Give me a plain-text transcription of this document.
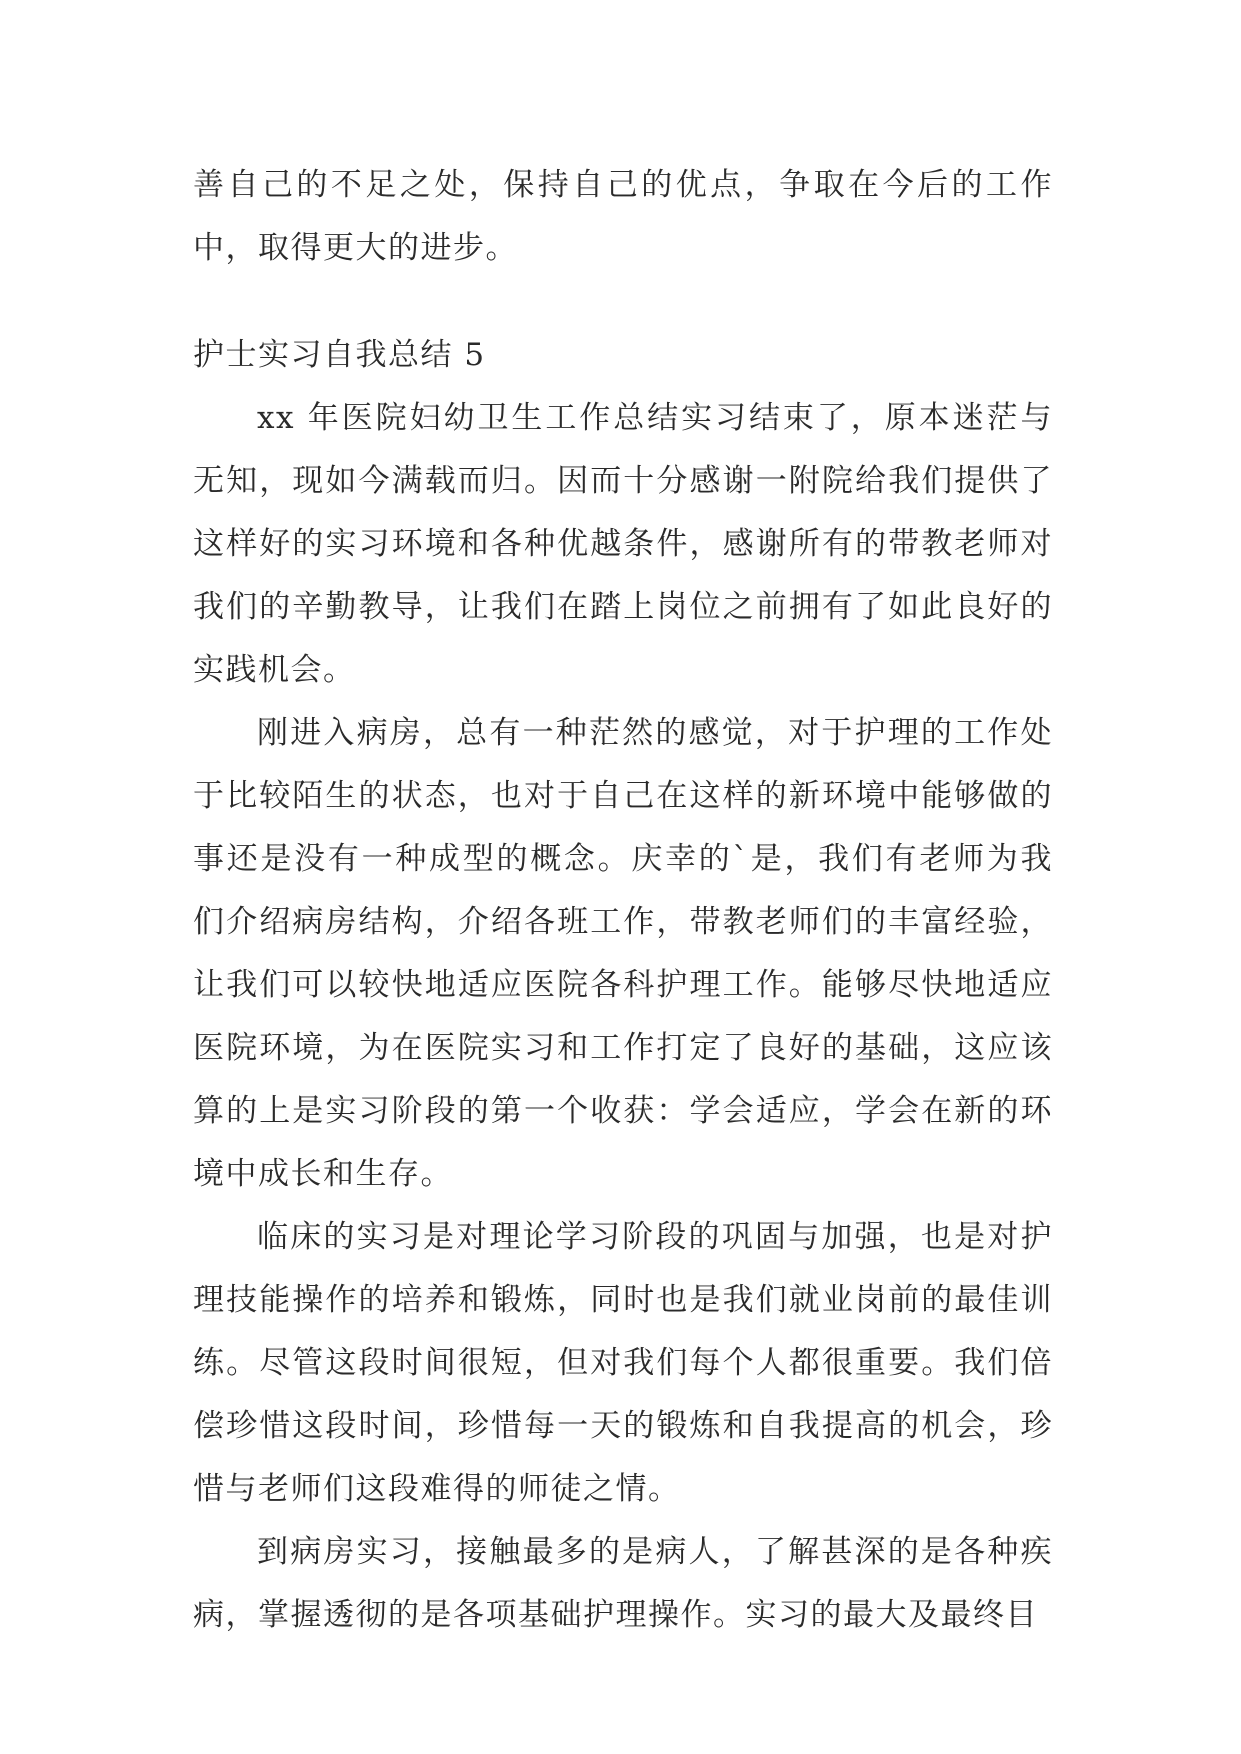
善自己的不足之处，保持自己的优点，争取在今后的工作中，取得更大的进步。

护士实习自我总结 5

xx 年医院妇幼卫生工作总结实习结束了，原本迷茫与无知，现如今满载而归。因而十分感谢一附院给我们提供了这样好的实习环境和各种优越条件，感谢所有的带教老师对我们的辛勤教导，让我们在踏上岗位之前拥有了如此良好的实践机会。

刚进入病房，总有一种茫然的感觉，对于护理的工作处于比较陌生的状态，也对于自己在这样的新环境中能够做的事还是没有一种成型的概念。庆幸的`是，我们有老师为我们介绍病房结构，介绍各班工作，带教老师们的丰富经验，让我们可以较快地适应医院各科护理工作。能够尽快地适应医院环境，为在医院实习和工作打定了良好的基础，这应该算的上是实习阶段的第一个收获：学会适应，学会在新的环境中成长和生存。

临床的实习是对理论学习阶段的巩固与加强，也是对护理技能操作的培养和锻炼，同时也是我们就业岗前的最佳训练。尽管这段时间很短，但对我们每个人都很重要。我们倍偿珍惜这段时间，珍惜每一天的锻炼和自我提高的机会，珍惜与老师们这段难得的师徒之情。

到病房实习，接触最多的是病人，了解甚深的是各种疾病，掌握透彻的是各项基础护理操作。实习的最大及最终目
